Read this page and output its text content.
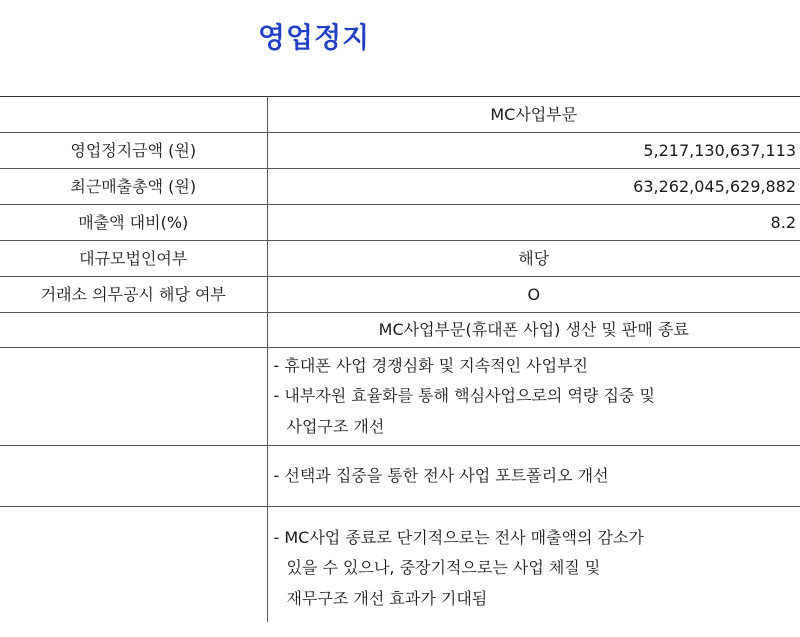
영업정지
	MC사업부문
영업정지금액 (원)	5,217,130,637,113
최근매출총액 (원)	63,262,045,629,882
매출액 대비(%)	8.2
대규모법인여부	해당
거래소 의무공시 해당 여부	O
	MC사업부문(휴대폰 사업) 생산 및 판매 종료

	- 휴대폰 사업 경쟁심화 및 지속적인 사업부진
- 내부자원 효율화를 통해 핵심사업으로의 역량 집중 및
사업구조 개선

	- 선택과 집중을 통한 전사 사업 포트폴리오 개선

	- MC사업 종료로 단기적으로는 전사 매출액의 감소가
있을 수 있으나, 중장기적으로는 사업 체질 및
재무구조 개선 효과가 기대됨
